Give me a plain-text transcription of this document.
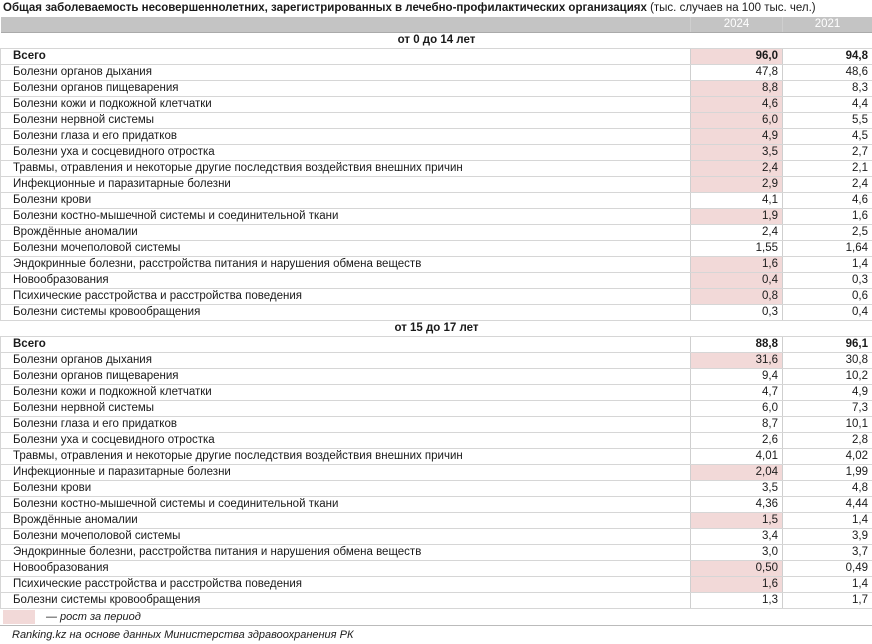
Общая заболеваемость несовершеннолетних, зарегистрированных в лечебно-профилактических организациях (тыс. случаев на 100 тыс. чел.)
	2024	2021
от 0 до 14 лет		
Всего	96,0	94,8
Болезни органов дыхания	47,8	48,6
Болезни органов пищеварения	8,8	8,3
Болезни кожи и подкожной клетчатки	4,6	4,4
Болезни нервной системы	6,0	5,5
Болезни глаза и его придатков	4,9	4,5
Болезни уха и сосцевидного отростка	3,5	2,7
Травмы, отравления и некоторые другие последствия воздействия внешних причин	2,4	2,1
Инфекционные и паразитарные болезни	2,9	2,4
Болезни крови	4,1	4,6
Болезни костно-мышечной системы и соединительной ткани	1,9	1,6
Врождённые аномалии	2,4	2,5
Болезни мочеполовой системы	1,55	1,64
Эндокринные болезни, расстройства питания и нарушения обмена веществ	1,6	1,4
Новообразования	0,4	0,3
Психические расстройства и расстройства поведения	0,8	0,6
Болезни системы кровообращения	0,3	0,4
от 15 до 17 лет		
Всего	88,8	96,1
Болезни органов дыхания	31,6	30,8
Болезни органов пищеварения	9,4	10,2
Болезни кожи и подкожной клетчатки	4,7	4,9
Болезни нервной системы	6,0	7,3
Болезни глаза и его придатков	8,7	10,1
Болезни уха и сосцевидного отростка	2,6	2,8
Травмы, отравления и некоторые другие последствия воздействия внешних причин	4,01	4,02
Инфекционные и паразитарные болезни	2,04	1,99
Болезни крови	3,5	4,8
Болезни костно-мышечной системы и соединительной ткани	4,36	4,44
Врождённые аномалии	1,5	1,4
Болезни мочеполовой системы	3,4	3,9
Эндокринные болезни, расстройства питания и нарушения обмена веществ	3,0	3,7
Новообразования	0,50	0,49
Психические расстройства и расстройства поведения	1,6	1,4
Болезни системы кровообращения	1,3	1,7
— рост за период
Ranking.kz на основе данных Министерства здравоохранения РК
